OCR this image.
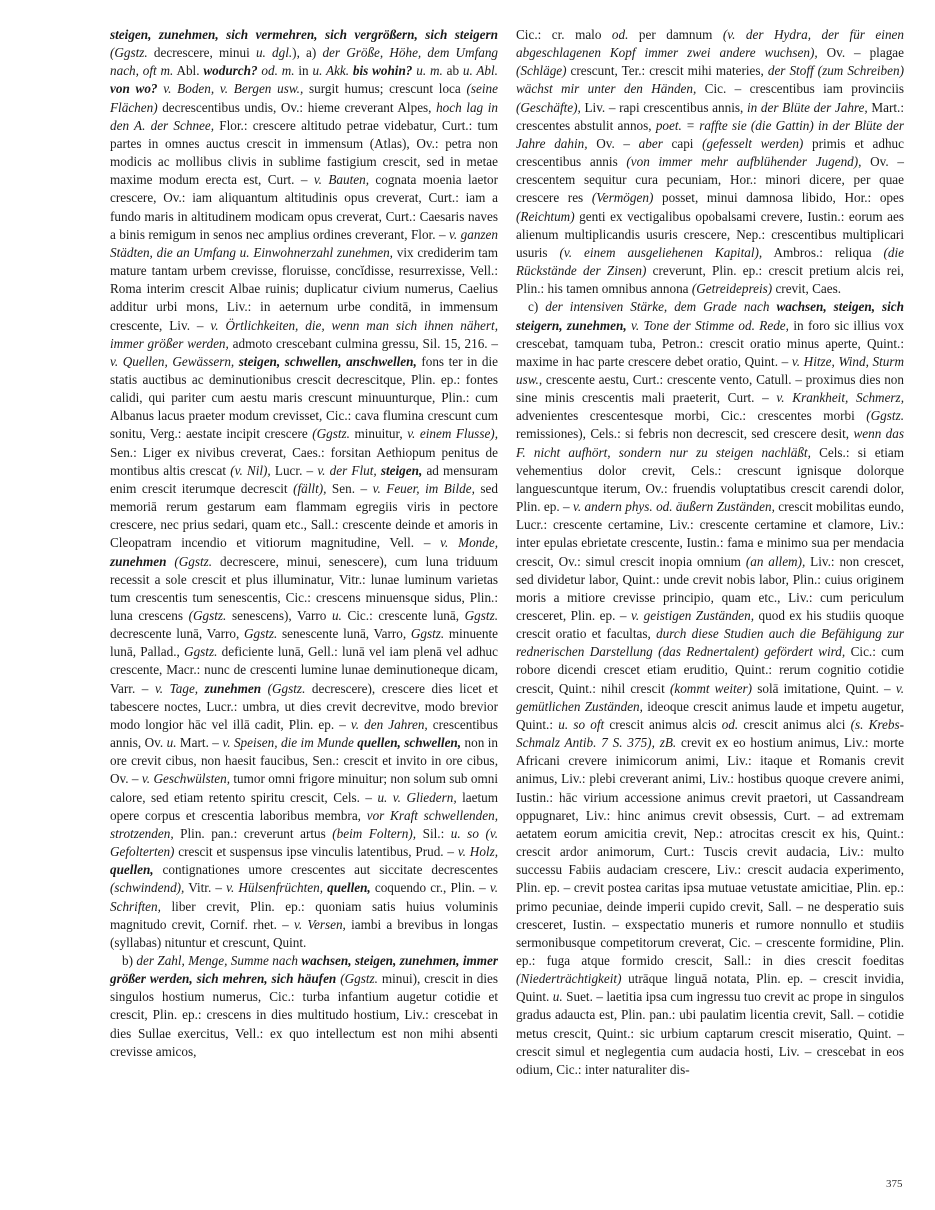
steigen, zunehmen, sich vermehren, sich vergrößern, sich steigern (Ggstz. decrescere, minui u. dgl.), a) der Größe, Höhe, dem Umfang nach, oft m. Abl. wodurch? od. m. in u. Akk. bis wohin? u. m. ab u. Abl. von wo? v. Boden, v. Bergen usw., surgit humus; crescunt loca (seine Flächen) decrescentibus undis, Ov.: hieme creverant Alpes, hoch lag in den A. der Schnee, Flor.: crescere altitudo petrae videbatur, Curt.: tum partes in omnes auctus crescit in immensum (Atlas), Ov.: petra non modicis ac mollibus clivis in sublime fastigium crescit, sed in metae maxime modum erecta est, Curt. – v. Bauten, cognata moenia laetor crescere, Ov.: iam aliquantum altitudinis opus creverat, Curt.: iam a fundo maris in altitudinem modicam opus creverat, Curt.: Caesaris naves a binis remigum in senos nec amplius ordines creverant, Flor. – v. ganzen Städten, die an Umfang u. Einwohnerzahl zunehmen, vix crediderim tam mature tantam urbem crevisse, floruisse, concĭdisse, resurrexisse, Vell.: Roma interim crescit Albae ruinis; duplicatur civium numerus, Caelius additur urbi mons, Liv.: in aeternum urbe conditā, in immensum crescente, Liv. – v. Örtlichkeiten, die, wenn man sich ihnen nähert, immer größer werden, admoto crescebant culmina gressu, Sil. 15, 216. – v. Quellen, Gewässern, steigen, schwellen, anschwellen, fons ter in die statis auctibus ac deminutionibus crescit decrescitque, Plin. ep.: fontes calidi, qui pariter cum aestu maris crescunt minuunturque, Plin.: cum Albanus lacus praeter modum crevisset, Cic.: cava flumina crescunt cum sonitu, Verg.: aestate incipit crescere (Ggstz. minuitur, v. einem Flusse), Sen.: Liger ex nivibus creverat, Caes.: forsitan Aethiopum penitus de montibus altis crescat (v. Nil), Lucr. – v. der Flut, steigen, ad mensuram enim crescit iterumque decrescit (fällt), Sen. – v. Feuer, im Bilde, sed memoriā rerum gestarum eam flammam egregiis viris in pectore crescere, nec prius sedari, quam etc., Sall.: crescente deinde et amoris in Cleopatram incendio et vitiorum magnitudine, Vell. – v. Monde, zunehmen (Ggstz. decrescere, minui, senescere), cum luna triduum recessit a sole crescit et plus illuminatur, Vitr.: lunae luminum varietas tum crescentis tum senescentis, Cic.: crescens minuensque sidus, Plin.: luna crescens (Ggstz. senescens), Varro u. Cic.: crescente lunā, Ggstz. decrescente lunā, Varro, Ggstz. senescente lunā, Varro, Ggstz. minuente lunā, Pallad., Ggstz. deficiente lunā, Gell.: lunā vel iam plenā vel adhuc crescente, Macr.: nunc de crescenti lumine lunae deminutioneque dicam, Varr. – v. Tage, zunehmen (Ggstz. decrescere), crescere dies licet et tabescere noctes, Lucr.: umbra, ut dies crevit decrevitve, modo brevior modo longior hāc vel illā cadit, Plin. ep. – v. den Jahren, crescentibus annis, Ov. u. Mart. – v. Speisen, die im Munde quellen, schwellen, non in ore crevit cibus, non haesit faucibus, Sen.: crescit et invito in ore cibus, Ov. – v. Geschwülsten, tumor omni frigore minuitur; non solum sub omni calore, sed etiam retento spiritu crescit, Cels. – u. v. Gliedern, laetum opere corpus et crescentia laboribus membra, vor Kraft schwellenden, strotzenden, Plin. pan.: creverunt artus (beim Foltern), Sil.: u. so (v. Gefolterten) crescit et suspensus ipse vinculis latentibus, Prud. – v. Holz, quellen, contignationes umore crescentes aut siccitate decrescentes (schwindend), Vitr. – v. Hülsenfrüchten, quellen, coquendo cr., Plin. – v. Schriften, liber crevit, Plin. ep.: quoniam satis huius voluminis magnitudo crevit, Cornif. rhet. – v. Versen, iambi a brevibus in longas (syllabas) nituntur et crescunt, Quint.

b) der Zahl, Menge, Summe nach wachsen, steigen, zunehmen, immer größer werden, sich mehren, sich häufen (Ggstz. minui), crescit in dies singulos hostium numerus, Cic.: turba infantium augetur cotidie et crescit, Plin. ep.: crescens in dies multitudo hostium, Liv.: crescebat in dies Sullae exercitus, Vell.: ex quo intellectum est non mihi absenti crevisse amicos,

Cic.: cr. malo od. per damnum (v. der Hydra, der für einen abgeschlagenen Kopf immer zwei andere wuchsen), Ov. – plagae (Schläge) crescunt, Ter.: crescit mihi materies, der Stoff (zum Schreiben) wächst mir unter den Händen, Cic. – crescentibus iam provinciis (Geschäfte), Liv. – rapi crescentibus annis, in der Blüte der Jahre, Mart.: crescentes abstulit annos, poet. = raffte sie (die Gattin) in der Blüte der Jahre dahin, Ov. – aber capi (gefesselt werden) primis et adhuc crescentibus annis (von immer mehr aufblühender Jugend), Ov. – crescentem sequitur cura pecuniam, Hor.: minori dicere, per quae crescere res (Vermögen) posset, minui damnosa libido, Hor.: opes (Reichtum) genti ex vectigalibus opobalsami crevere, Iustin.: eorum aes alienum multiplicandis usuris crescere, Nep.: crescentibus multiplicari usuris (v. einem ausgeliehenen Kapital), Ambros.: reliqua (die Rückstände der Zinsen) creverunt, Plin. ep.: crescit pretium alcis rei, Plin.: his tamen omnibus annona (Getreidepreis) crevit, Caes.

c) der intensiven Stärke, dem Grade nach wachsen, steigen, sich steigern, zunehmen, v. Tone der Stimme od. Rede, in foro sic illius vox crescebat, tamquam tuba, Petron.: crescit oratio minus aperte, Quint.: maxime in hac parte crescere debet oratio, Quint. – v. Hitze, Wind, Sturm usw., crescente aestu, Curt.: crescente vento, Catull. – proximus dies non sine minis crescentis mali praeterit, Curt. – v. Krankheit, Schmerz, advenientes crescentesque morbi, Cic.: crescentes morbi (Ggstz. remissiones), Cels.: si febris non decrescit, sed crescere desit, wenn das F. nicht aufhört, sondern nur zu steigen nachläßt, Cels.: si etiam vehementius dolor crevit, Cels.: crescunt ignisque dolorque languescuntque iterum, Ov.: fruendis voluptatibus crescit carendi dolor, Plin. ep. – v. andern phys. od. äußern Zuständen, crescit mobilitas eundo, Lucr.: crescente certamine, Liv.: crescente certamine et clamore, Liv.: inter epulas ebrietate crescente, Iustin.: fama e minimo sua per mendacia crescit, Ov.: simul crescit inopia omnium (an allem), Liv.: non crescet, sed dividetur labor, Quint.: unde crevit nobis labor, Plin.: cuius originem moris a mitiore crevisse principio, quam etc., Liv.: cum periculum cresceret, Plin. ep. – v. geistigen Zuständen, quod ex his studiis quoque crescit oratio et facultas, durch diese Studien auch die Befähigung zur rednerischen Darstellung (das Rednertalent) gefördert wird, Cic.: cum robore dicendi crescet etiam eruditio, Quint.: rerum cognitio cotidie crescit, Quint.: nihil crescit (kommt weiter) solā imitatione, Quint. – v. gemütlichen Zuständen, ideoque crescit animus laude et impetu augetur, Quint.: u. so oft crescit animus alcis od. crescit animus alci (s. Krebs-Schmalz Antib. 7 S. 375), zB. crevit ex eo hostium animus, Liv.: morte Africani crevere inimicorum animi, Liv.: itaque et Romanis crevit animus, Liv.: plebi creverant animi, Liv.: hostibus quoque crevere animi, Iustin.: hāc virium accessione animus crevit praetori, ut Cassandream oppugnaret, Liv.: hinc animus crevit obsessis, Curt. – ad extremam aetatem eorum amicitia crevit, Nep.: atrocitas crescit ex his, Quint.: crescit ardor animorum, Curt.: Tuscis crevit audacia, Liv.: multo successu Fabiis audaciam crescere, Liv.: crescit audacia experimento, Plin. ep. – crevit postea caritas ipsa mutuae vetustate amicitiae, Plin. ep.: primo pecuniae, deinde imperii cupido crevit, Sall. – ne desperatio suis cresceret, Iustin. – exspectatio muneris et rumore nonnullo et studiis sermonibusque competitorum creverat, Cic. – crescente formidine, Plin. ep.: fuga atque formido crescit, Sall.: in dies crescit foeditas (Niederträchtigkeit) utrāque linguā notata, Plin. ep. – crescit invidia, Quint. u. Suet. – laetitia ipsa cum ingressu tuo crevit ac prope in singulos gradus adaucta est, Plin. pan.: ubi paulatim licentia crevit, Sall. – cotidie metus crescit, Quint.: sic urbium captarum crescit miseratio, Quint. – crescit simul et neglegentia cum audacia hosti, Liv. – crescebat in eos odium, Cic.: inter naturaliter dis-

375
